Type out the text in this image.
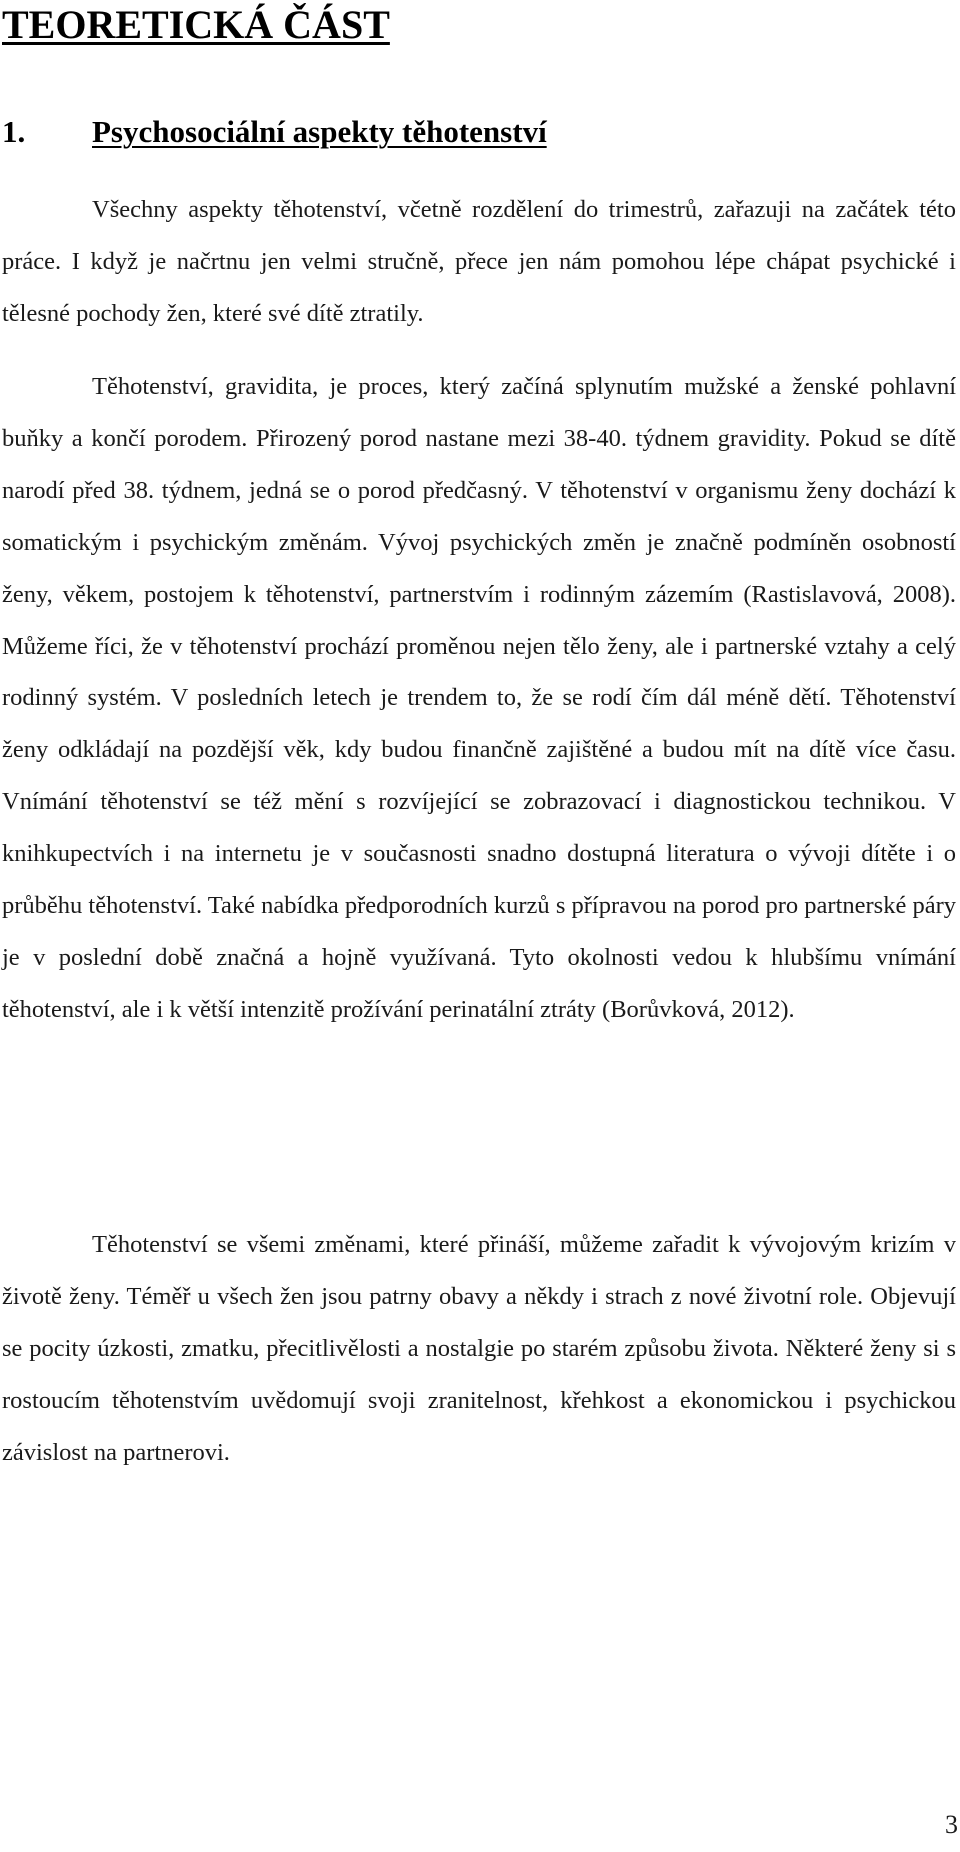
TEORETICKÁ ČÁST
1. Psychosociální aspekty těhotenství

Všechny aspekty těhotenství, včetně rozdělení do trimestrů, zařazuji na začátek této práce. I když je načrtnu jen velmi stručně, přece jen nám pomohou lépe chápat psychické i tělesné pochody žen, které své dítě ztratily.

Těhotenství, gravidita, je proces, který začíná splynutím mužské a ženské pohlavní buňky a končí porodem. Přirozený porod nastane mezi 38-40. týdnem gravidity. Pokud se dítě narodí před 38. týdnem, jedná se o porod předčasný. V těhotenství v organismu ženy dochází k somatickým i psychickým změnám. Vývoj psychických změn je značně podmíněn osobností ženy, věkem, postojem k těhotenství, partnerstvím i rodinným zázemím (Rastislavová, 2008). Můžeme říci, že v těhotenství prochází proměnou nejen tělo ženy, ale i partnerské vztahy a celý rodinný systém. V posledních letech je trendem to, že se rodí čím dál méně dětí. Těhotenství ženy odkládají na pozdější věk, kdy budou finančně zajištěné a budou mít na dítě více času. Vnímání těhotenství se též mění s rozvíjející se zobrazovací i diagnostickou technikou. V knihkupectvích i na internetu je v současnosti snadno dostupná literatura o vývoji dítěte i o průběhu těhotenství. Také nabídka předporodních kurzů s přípravou na porod pro partnerské páry je v poslední době značná a hojně využívaná. Tyto okolnosti vedou k hlubšímu vnímání těhotenství, ale i k větší intenzitě prožívání perinatální ztráty (Borůvková, 2012).

Těhotenství se všemi změnami, které přináší, můžeme zařadit k vývojovým krizím v životě ženy. Téměř u všech žen jsou patrny obavy a někdy i strach z nové životní role. Objevují se pocity úzkosti, zmatku, přecitlivělosti a nostalgie po starém způsobu života. Některé ženy si s rostoucím těhotenstvím uvědomují svoji zranitelnost, křehkost a ekonomickou i psychickou závislost na partnerovi.

3
